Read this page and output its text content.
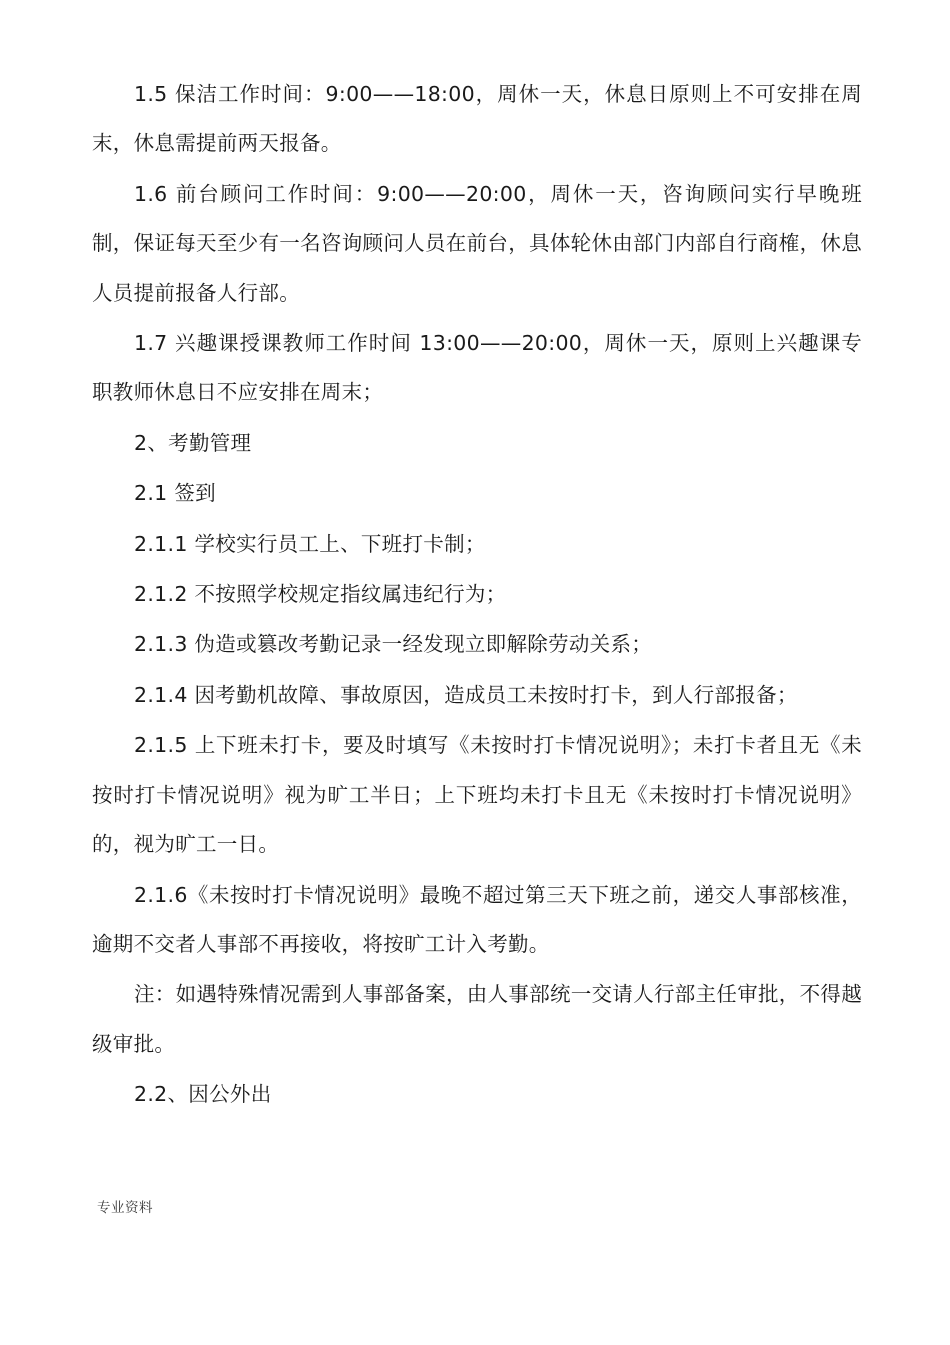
1.5 保洁工作时间：9:00——18:00，周休一天，休息日原则上不可安排在周末，休息需提前两天报备。

1.6 前台顾问工作时间：9:00——20:00，周休一天，咨询顾问实行早晚班制，保证每天至少有一名咨询顾问人员在前台，具体轮休由部门内部自行商榷，休息人员提前报备人行部。

1.7 兴趣课授课教师工作时间 13:00——20:00，周休一天，原则上兴趣课专职教师休息日不应安排在周末；

2、考勤管理

2.1 签到

2.1.1 学校实行员工上、下班打卡制；

2.1.2 不按照学校规定指纹属违纪行为；

2.1.3 伪造或篡改考勤记录一经发现立即解除劳动关系；

2.1.4 因考勤机故障、事故原因，造成员工未按时打卡，到人行部报备；

2.1.5 上下班未打卡，要及时填写《未按时打卡情况说明》；未打卡者且无《未按时打卡情况说明》视为旷工半日；上下班均未打卡且无《未按时打卡情况说明》的，视为旷工一日。

2.1.6《未按时打卡情况说明》最晚不超过第三天下班之前，递交人事部核准，逾期不交者人事部不再接收，将按旷工计入考勤。

注：如遇特殊情况需到人事部备案，由人事部统一交请人行部主任审批，不得越级审批。

2.2、因公外出

专业资料
